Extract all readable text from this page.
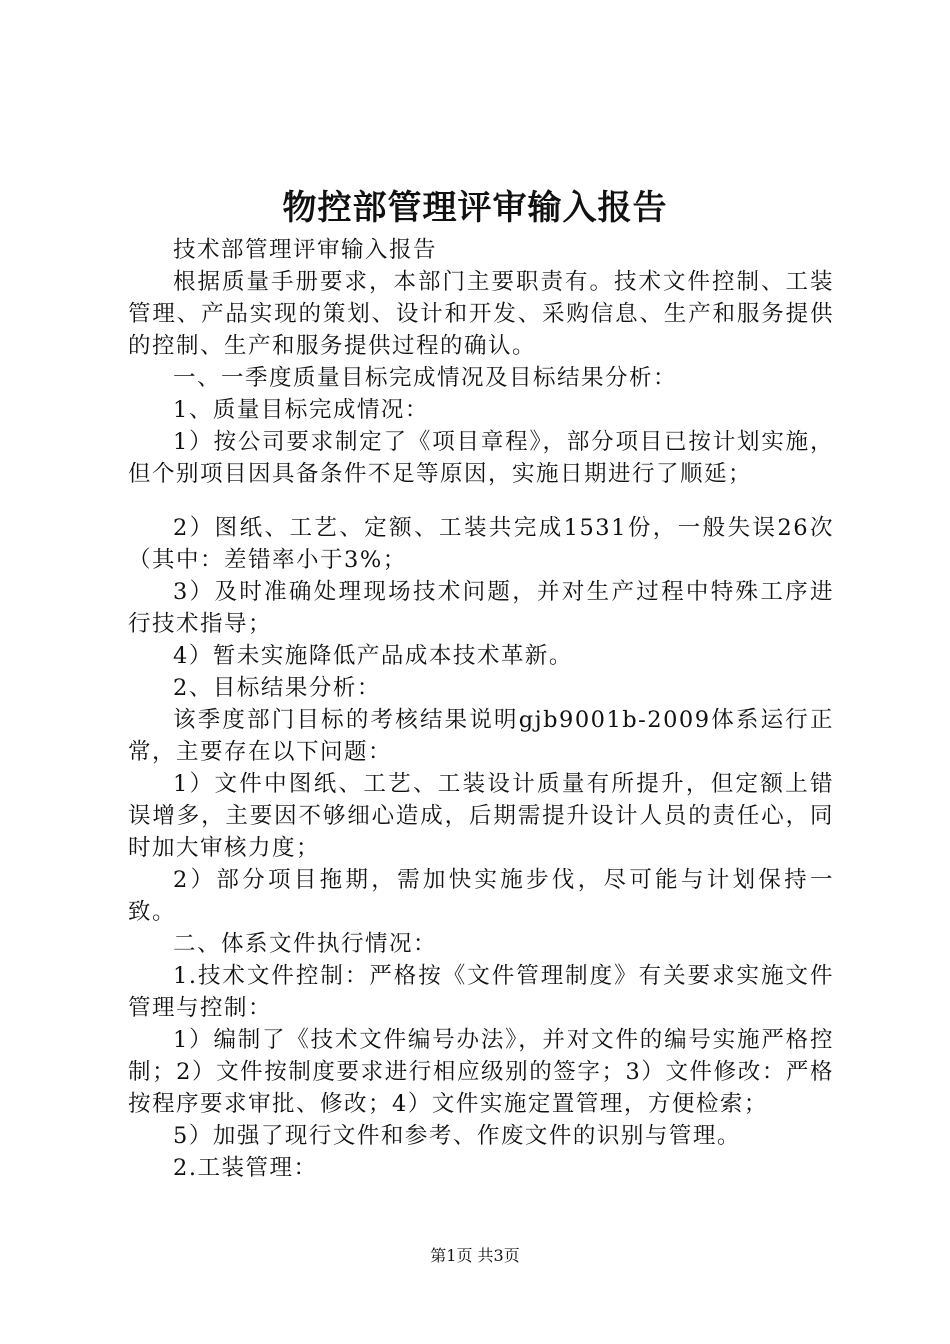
物控部管理评审输入报告

技术部管理评审输入报告

根据质量手册要求，本部门主要职责有。技术文件控制、工装管理、产品实现的策划、设计和开发、采购信息、生产和服务提供的控制、生产和服务提供过程的确认。

一、一季度质量目标完成情况及目标结果分析：

1、质量目标完成情况：

1）按公司要求制定了《项目章程》，部分项目已按计划实施，但个别项目因具备条件不足等原因，实施日期进行了顺延；

2）图纸、工艺、定额、工装共完成1531份，一般失误26次（其中：差错率小于3%；

3）及时准确处理现场技术问题，并对生产过程中特殊工序进行技术指导；

4）暂未实施降低产品成本技术革新。

2、目标结果分析：

该季度部门目标的考核结果说明gjb9001b-2009体系运行正常，主要存在以下问题：

1）文件中图纸、工艺、工装设计质量有所提升，但定额上错误增多，主要因不够细心造成，后期需提升设计人员的责任心，同时加大审核力度；

2）部分项目拖期，需加快实施步伐，尽可能与计划保持一致。

二、体系文件执行情况：

1.技术文件控制：严格按《文件管理制度》有关要求实施文件管理与控制：

1）编制了《技术文件编号办法》，并对文件的编号实施严格控制；2）文件按制度要求进行相应级别的签字；3）文件修改：严格按程序要求审批、修改；4）文件实施定置管理，方便检索；

5）加强了现行文件和参考、作废文件的识别与管理。

2.工装管理：

第1页 共3页
